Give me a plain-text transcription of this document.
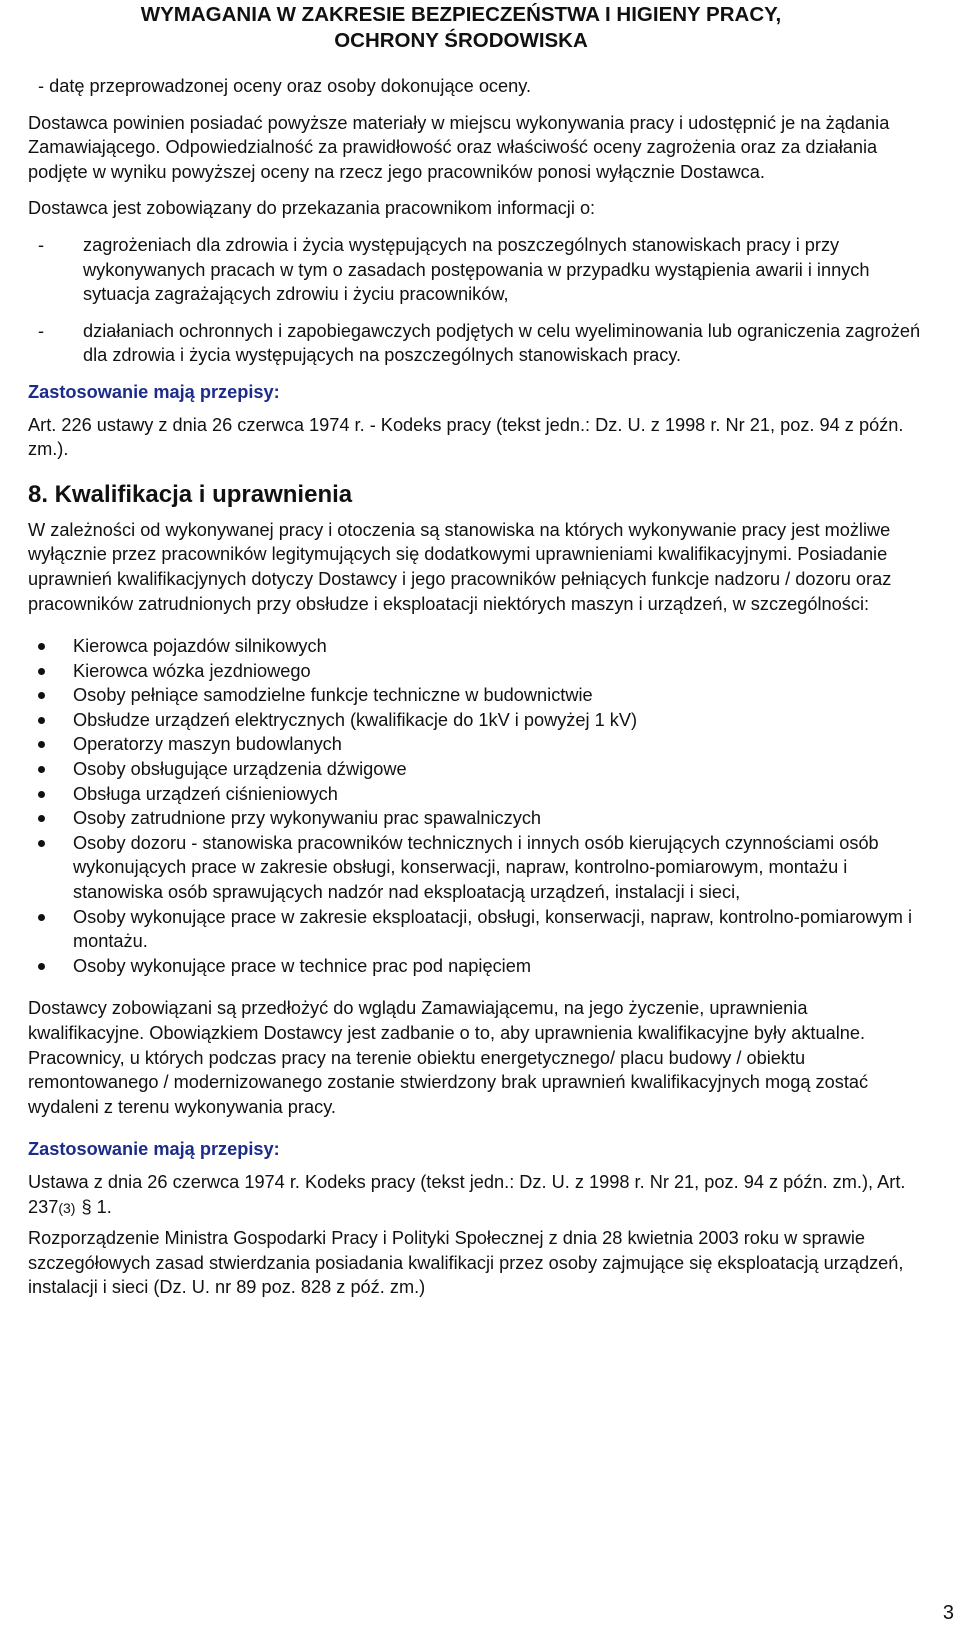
WYMAGANIA W ZAKRESIE BEZPIECZEŃSTWA I HIGIENY PRACY,
OCHRONY ŚRODOWISKA

- datę przeprowadzonej oceny oraz osoby dokonujące oceny.

Dostawca powinien posiadać powyższe materiały w miejscu wykonywania pracy i udostępnić je na żądania Zamawiającego. Odpowiedzialność za prawidłowość oraz właściwość oceny zagrożenia oraz za działania podjęte w wyniku powyższej oceny na rzecz jego pracowników ponosi wyłącznie Dostawca.

Dostawca jest zobowiązany do przekazania pracownikom informacji o:

- zagrożeniach dla zdrowia i życia występujących na poszczególnych stanowiskach pracy i przy wykonywanych pracach w tym o zasadach postępowania w przypadku wystąpienia awarii i innych sytuacja zagrażających zdrowiu i życiu pracowników,
- działaniach ochronnych i zapobiegawczych podjętych w celu wyeliminowania lub ograniczenia zagrożeń dla zdrowia i życia występujących na poszczególnych stanowiskach pracy.

Zastosowanie mają przepisy:

Art. 226 ustawy z dnia 26 czerwca 1974 r. - Kodeks pracy (tekst jedn.: Dz. U. z 1998 r. Nr 21, poz. 94 z późn. zm.).

8. Kwalifikacja i uprawnienia

W zależności od wykonywanej pracy i otoczenia są stanowiska na których wykonywanie pracy jest możliwe wyłącznie przez pracowników legitymujących się dodatkowymi uprawnieniami kwalifikacyjnymi. Posiadanie uprawnień kwalifikacjynych dotyczy Dostawcy i jego pracowników pełniących funkcje nadzoru / dozoru oraz pracowników zatrudnionych przy obsłudze i eksploatacji niektórych maszyn i urządzeń, w szczególności:

Kierowca pojazdów silnikowych
Kierowca wózka jezdniowego
Osoby pełniące samodzielne funkcje techniczne w budownictwie
Obsłudze urządzeń elektrycznych (kwalifikacje do 1kV i powyżej 1 kV)
Operatorzy maszyn budowlanych
Osoby obsługujące urządzenia dźwigowe
Obsługa urządzeń ciśnieniowych
Osoby zatrudnione przy wykonywaniu prac spawalniczych
Osoby dozoru - stanowiska pracowników technicznych i innych osób kierujących czynnościami osób wykonujących prace w zakresie obsługi, konserwacji, napraw, kontrolno-pomiarowym, montażu i stanowiska osób sprawujących nadzór nad eksploatacją urządzeń, instalacji i sieci,
Osoby wykonujące prace w zakresie eksploatacji, obsługi, konserwacji, napraw, kontrolno-pomiarowym i montażu.
Osoby wykonujące prace w technice prac pod napięciem

Dostawcy zobowiązani są przedłożyć do wglądu Zamawiającemu, na jego życzenie, uprawnienia kwalifikacyjne. Obowiązkiem Dostawcy jest zadbanie o to, aby uprawnienia kwalifikacyjne były aktualne. Pracownicy, u których podczas pracy na terenie obiektu energetycznego/ placu budowy / obiektu remontowanego / modernizowanego zostanie stwierdzony brak uprawnień kwalifikacyjnych mogą zostać wydaleni z terenu wykonywania pracy.

Zastosowanie mają przepisy:

Ustawa z dnia 26 czerwca 1974 r. Kodeks pracy (tekst jedn.: Dz. U. z 1998 r. Nr 21, poz. 94 z późn. zm.), Art. 237(3) § 1.

Rozporządzenie Ministra Gospodarki Pracy i Polityki Społecznej z dnia 28 kwietnia 2003 roku w sprawie szczegółowych zasad stwierdzania posiadania kwalifikacji przez osoby zajmujące się eksploatacją urządzeń, instalacji i sieci (Dz. U. nr 89 poz. 828 z póź. zm.)

3
